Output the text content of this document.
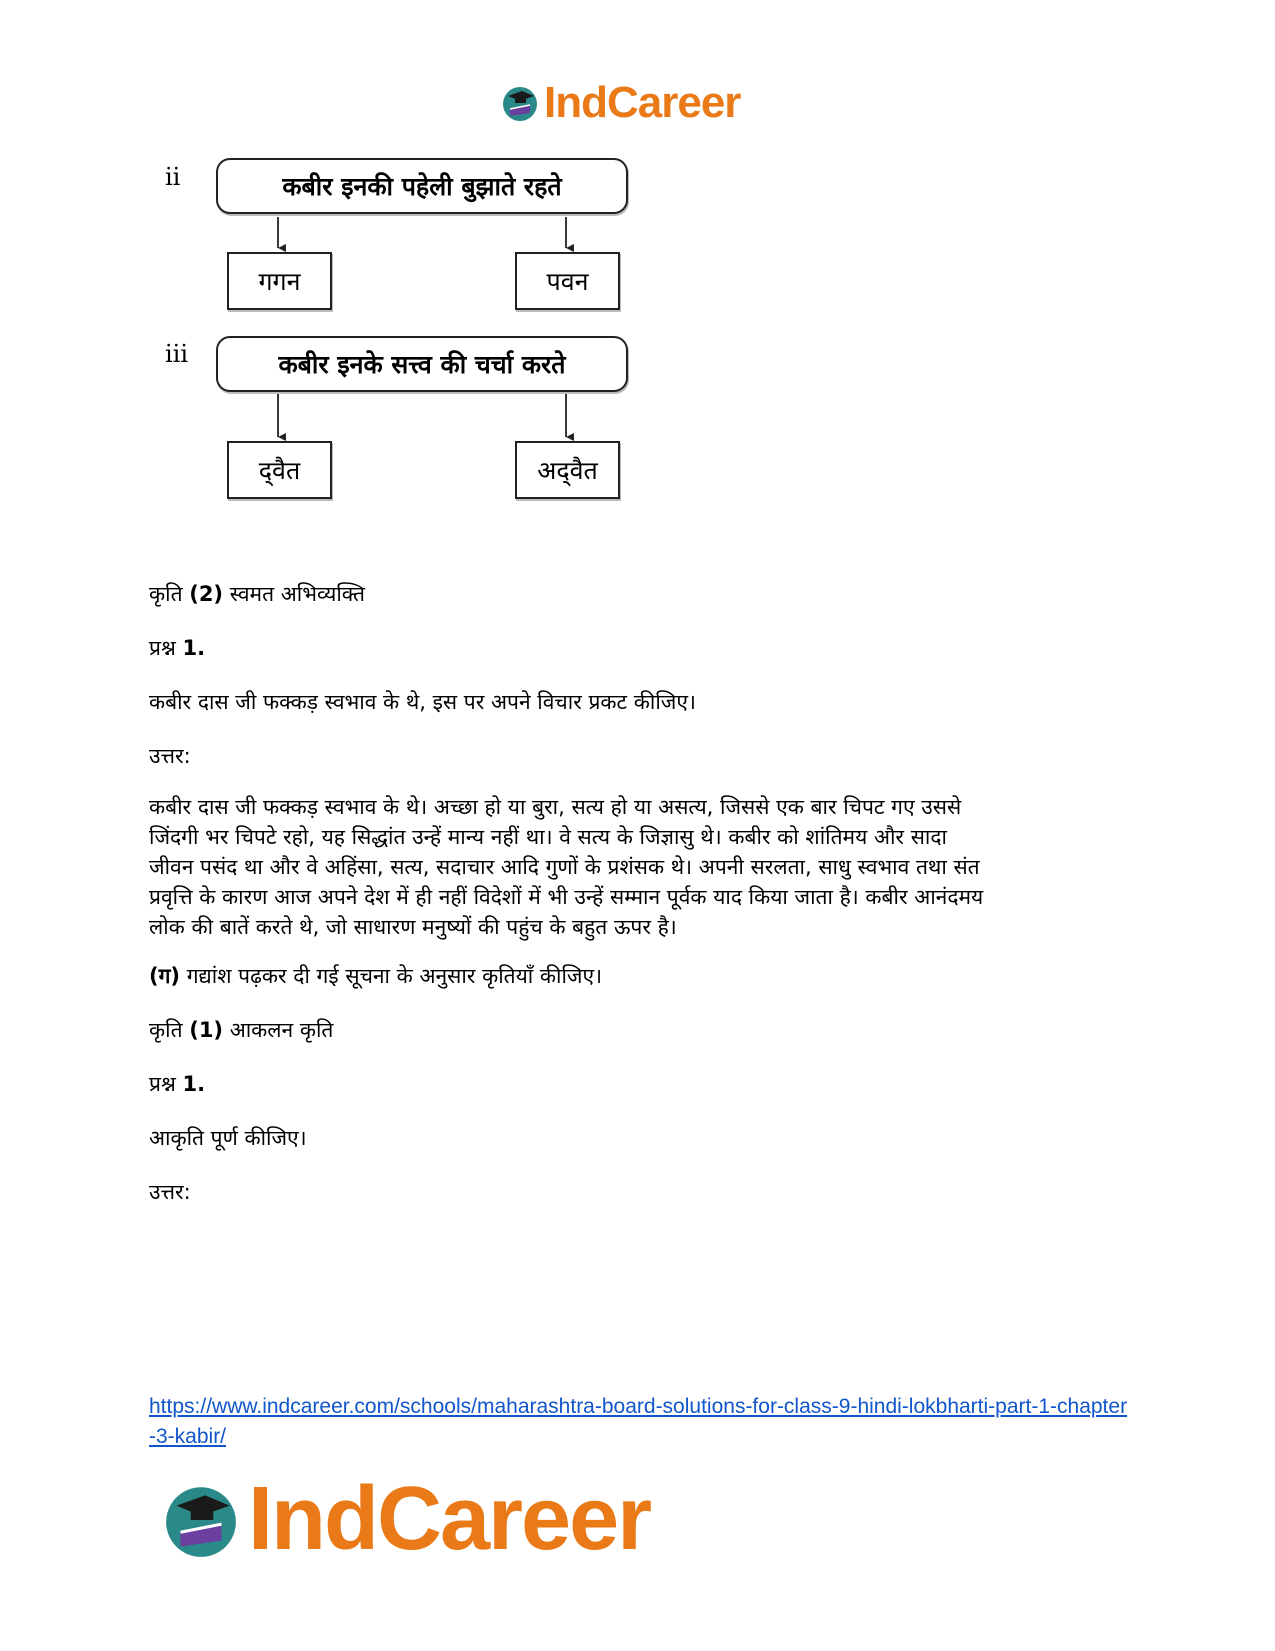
IndCareer
ii	कबीर इनकी पहेली बुझाते रहते
गगन	पवन
iii	कबीर इनके सत्त्व की चर्चा करते
द्‌वैत	अद्‌वैत

कृति (2) स्वमत अभिव्यक्ति

प्रश्न 1.

कबीर दास जी फक्कड़ स्वभाव के थे, इस पर अपने विचार प्रकट कीजिए।

उत्तर:

कबीर दास जी फक्कड़ स्वभाव के थे। अच्छा हो या बुरा, सत्य हो या असत्य, जिससे एक बार चिपट गए उससे
जिंदगी भर चिपटे रहो, यह सिद्धांत उन्हें मान्य नहीं था। वे सत्य के जिज्ञासु थे। कबीर को शांतिमय और सादा
जीवन पसंद था और वे अहिंसा, सत्य, सदाचार आदि गुणों के प्रशंसक थे। अपनी सरलता, साधु स्वभाव तथा संत
प्रवृत्ति के कारण आज अपने देश में ही नहीं विदेशों में भी उन्हें सम्मान पूर्वक याद किया जाता है। कबीर आनंदमय
लोक की बातें करते थे, जो साधारण मनुष्यों की पहुंच के बहुत ऊपर है।

(ग) गद्यांश पढ़कर दी गई सूचना के अनुसार कृतियाँ कीजिए।

कृति (1) आकलन कृति

प्रश्न 1.

आकृति पूर्ण कीजिए।

उत्तर:

https://www.indcareer.com/schools/maharashtra-board-solutions-for-class-9-hindi-lokbharti-part-1-chapter-3-kabir/
IndCareer
